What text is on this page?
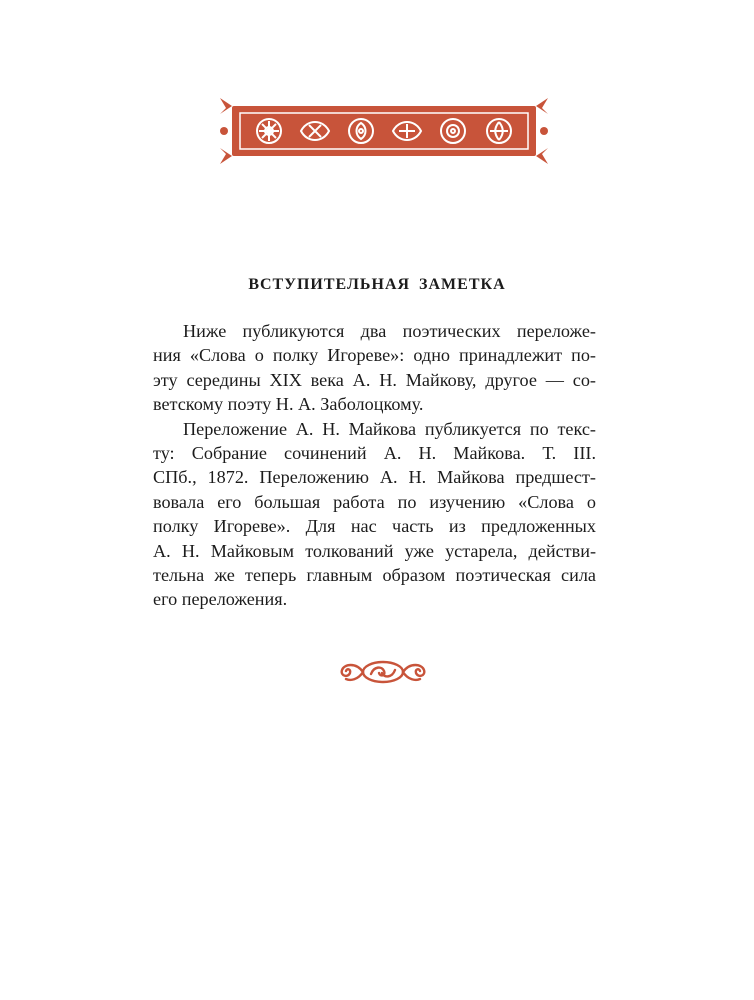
ВСТУПИТЕЛЬНАЯ ЗАМЕТКА

Ниже публикуются два поэтических переложе-
ния «Слова о полку Игореве»: одно принадлежит по-
эту середины XIX века А. Н. Майкову, другое — со-
ветскому поэту Н. А. Заболоцкому.

Переложение А. Н. Майкова публикуется по текс-
ту: Собрание сочинений А. Н. Майкова. Т. III.
СПб., 1872. Переложению А. Н. Майкова предшест-
вовала его большая работа по изучению «Слова о
полку Игореве». Для нас часть из предложенных
А. Н. Майковым толкований уже устарела, действи-
тельна же теперь главным образом поэтическая сила
его переложения.
